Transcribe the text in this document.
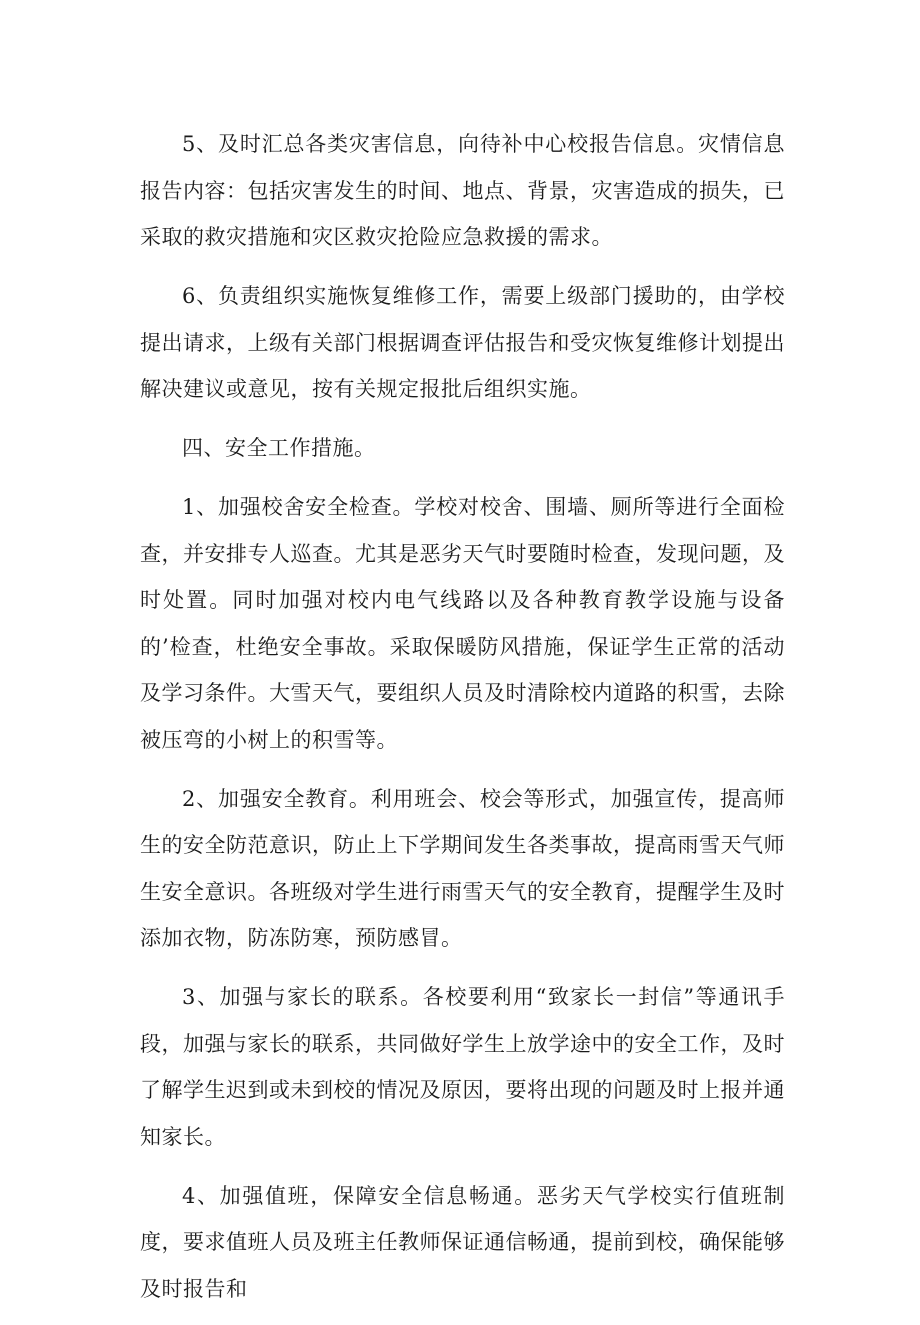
5、及时汇总各类灾害信息，向待补中心校报告信息。灾情信息报告内容：包括灾害发生的时间、地点、背景，灾害造成的损失，已采取的救灾措施和灾区救灾抢险应急救援的需求。

6、负责组织实施恢复维修工作，需要上级部门援助的，由学校提出请求，上级有关部门根据调查评估报告和受灾恢复维修计划提出解决建议或意见，按有关规定报批后组织实施。

四、安全工作措施。

1、加强校舍安全检查。学校对校舍、围墙、厕所等进行全面检查，并安排专人巡查。尤其是恶劣天气时要随时检查，发现问题，及时处置。同时加强对校内电气线路以及各种教育教学设施与设备的’检查，杜绝安全事故。采取保暖防风措施，保证学生正常的活动及学习条件。大雪天气，要组织人员及时清除校内道路的积雪，去除被压弯的小树上的积雪等。

2、加强安全教育。利用班会、校会等形式，加强宣传，提高师生的安全防范意识，防止上下学期间发生各类事故，提高雨雪天气师生安全意识。各班级对学生进行雨雪天气的安全教育，提醒学生及时添加衣物，防冻防寒，预防感冒。

3、加强与家长的联系。各校要利用“致家长一封信”等通讯手段，加强与家长的联系，共同做好学生上放学途中的安全工作，及时了解学生迟到或未到校的情况及原因，要将出现的问题及时上报并通知家长。

4、加强值班，保障安全信息畅通。恶劣天气学校实行值班制度，要求值班人员及班主任教师保证通信畅通，提前到校，确保能够及时报告和
